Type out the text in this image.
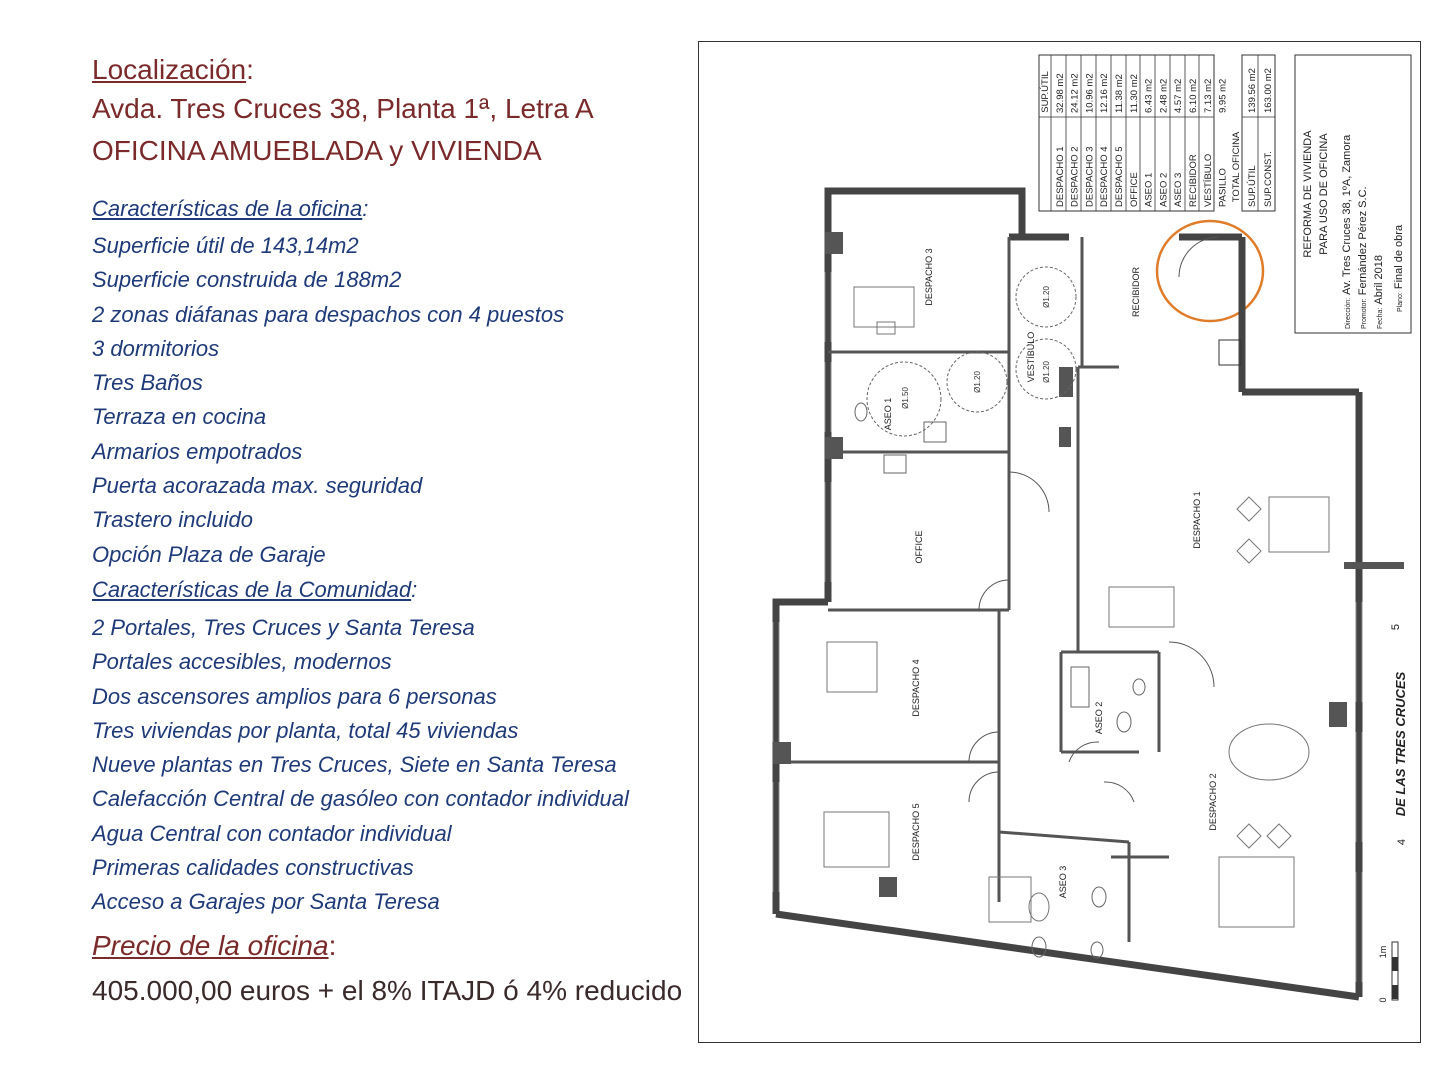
Localización:
Avda. Tres Cruces 38, Planta 1ª, Letra A
OFICINA AMUEBLADA y VIVIENDA
Características de la oficina:
Superficie útil de 143,14m2
Superficie construida de 188m2
2 zonas diáfanas para despachos con 4 puestos
3 dormitorios
Tres Baños
Terraza en cocina
Armarios empotrados
Puerta acorazada max. seguridad
Trastero incluido
Opción Plaza de Garaje
Características de la Comunidad:
2 Portales, Tres Cruces y Santa Teresa
Portales accesibles, modernos
Dos ascensores amplios para 6 personas
Tres viviendas por planta, total 45 viviendas
Nueve plantas en Tres Cruces, Siete en Santa Teresa
Calefacción Central de gasóleo con contador individual
Agua Central con contador individual
Primeras calidades constructivas
Acceso a Garajes por Santa Teresa
Precio de la oficina:
405.000,00 euros + el 8% ITAJD ó 4% reducido
DESPACHO 3
VESTÍBULO
RECIBIDOR
ASEO 1
OFFICE	DESPACHO 1
DESPACHO 4
ASEO 2
DESPACHO 2
DESPACHO 5
ASEO 3
Ø1.50
Ø1.20
Ø1.20
Ø1.20
SUP.ÚTIL
DESPACHO 1
32.98 m2
DESPACHO 2
24.12 m2
DESPACHO 3
10.96 m2
DESPACHO 4
12.16 m2
DESPACHO 5
11.38 m2
OFFICE
11.30 m2
ASEO 1
6.43 m2
ASEO 2
2.48 m2
ASEO 3
4.57 m2
RECIBIDOR
6.10 m2
VESTÍBULO
7.13 m2
PASILLO
9.95 m2
TOTAL OFICINA SUP.ÚTIL
139.56 m2
SUP.CONST.
163.00 m2
REFORMA DE VIVIENDA PARA USO DE OFICINA
Dirección:Av. Tres Cruces 38, 1ºA, Zamora
Promotor:Fernández Pérez S.C.
Fecha:Abril 2018	Plano:Final de obra
DE LAS TRES CRUCES
4
5
1m
0
